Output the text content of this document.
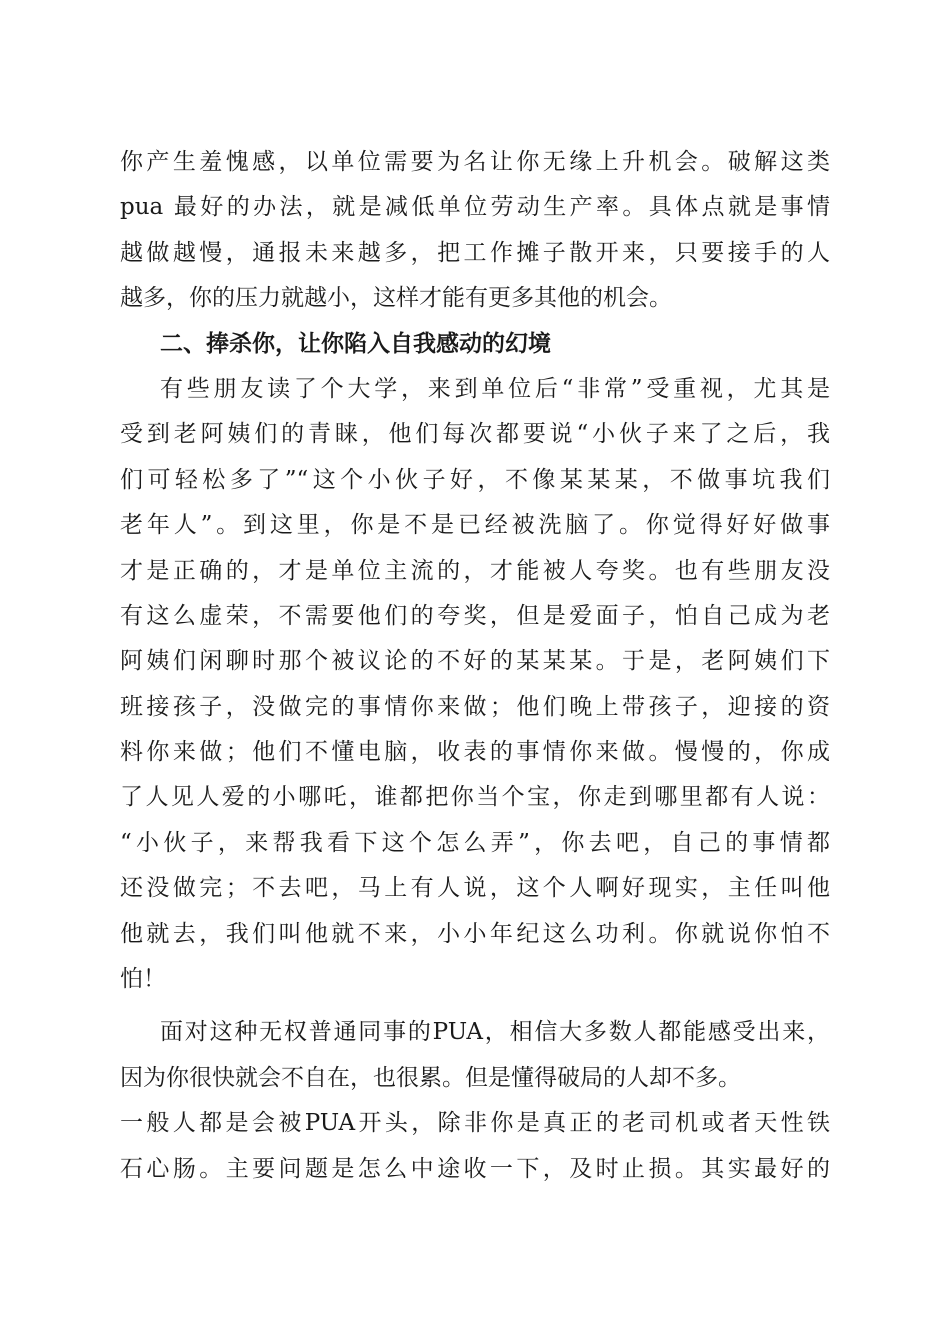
你产生羞愧感，以单位需要为名让你无缘上升机会。破解这类
pua 最好的办法，就是减低单位劳动生产率。具体点就是事情
越做越慢，通报未来越多，把工作摊子散开来，只要接手的人
越多，你的压力就越小，这样才能有更多其他的机会。
二、捧杀你，让你陷入自我感动的幻境
有些朋友读了个大学，来到单位后“非常”受重视，尤其是
受到老阿姨们的青睐，他们每次都要说“小伙子来了之后，我
们可轻松多了”“这个小伙子好，不像某某某，不做事坑我们
老年人”。到这里，你是不是已经被洗脑了。你觉得好好做事
才是正确的，才是单位主流的，才能被人夸奖。也有些朋友没
有这么虚荣，不需要他们的夸奖，但是爱面子，怕自己成为老
阿姨们闲聊时那个被议论的不好的某某某。于是，老阿姨们下
班接孩子，没做完的事情你来做；他们晚上带孩子，迎接的资
料你来做；他们不懂电脑，收表的事情你来做。慢慢的，你成
了人见人爱的小哪吒，谁都把你当个宝，你走到哪里都有人说：
“小伙子，来帮我看下这个怎么弄”，你去吧，自己的事情都
还没做完；不去吧，马上有人说，这个人啊好现实，主任叫他
他就去，我们叫他就不来，小小年纪这么功利。你就说你怕不
怕！
面对这种无权普通同事的PUA，相信大多数人都能感受出来，
因为你很快就会不自在，也很累。但是懂得破局的人却不多。
一般人都是会被PUA开头，除非你是真正的老司机或者天性铁
石心肠。主要问题是怎么中途收一下，及时止损。其实最好的
